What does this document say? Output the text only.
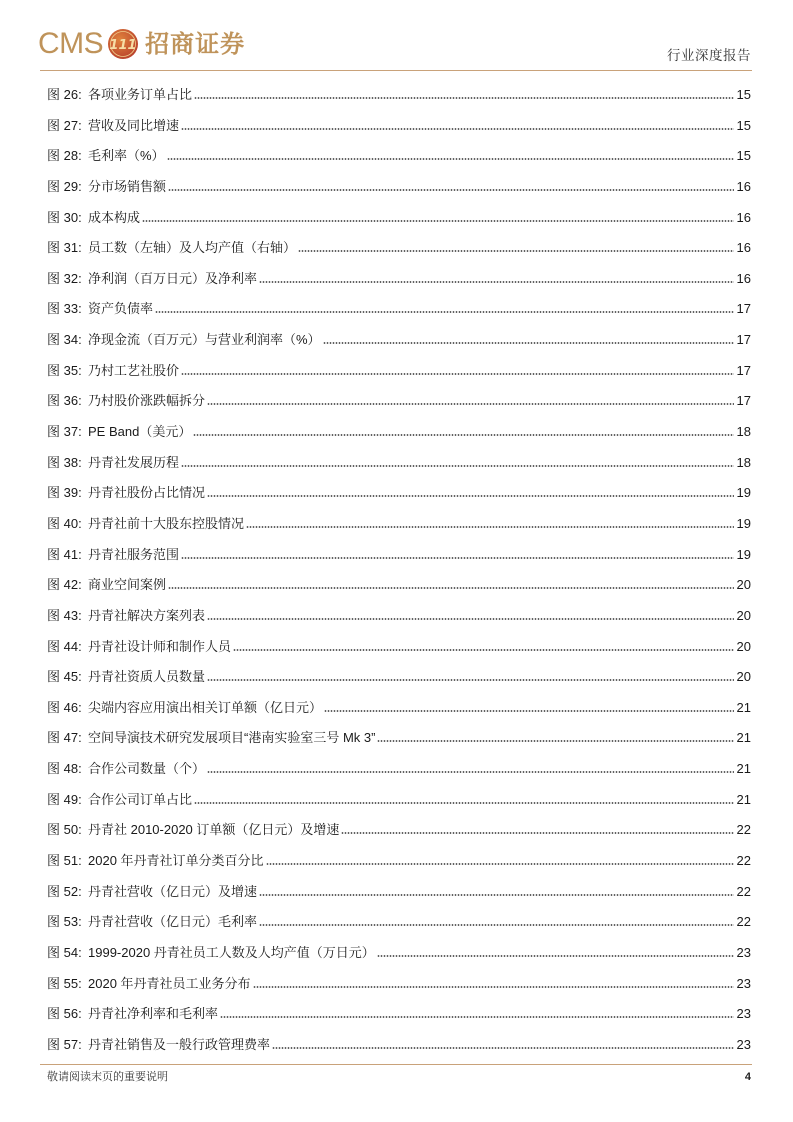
CMS 111 招商证券	行业深度报告
图 26: 各项业务订单占比	15
图 27: 营收及同比增速	15
图 28: 毛利率（%）	15
图 29: 分市场销售额	16
图 30: 成本构成	16
图 31: 员工数（左轴）及人均产值（右轴）	16
图 32: 净利润（百万日元）及净利率	16
图 33: 资产负债率	17
图 34: 净现金流（百万元）与营业利润率（%）	17
图 35: 乃村工艺社股价	17
图 36: 乃村股价涨跌幅拆分	17
图 37: PE Band（美元）	18
图 38: 丹青社发展历程	18
图 39: 丹青社股份占比情况	19
图 40: 丹青社前十大股东控股情况	19
图 41: 丹青社服务范围	19
图 42: 商业空间案例	20
图 43: 丹青社解决方案列表	20
图 44: 丹青社设计师和制作人员	20
图 45: 丹青社资质人员数量	20
图 46: 尖端内容应用演出相关订单额（亿日元）	21
图 47: 空间导演技术研究发展项目“港南实验室三号 Mk 3”	21
图 48: 合作公司数量（个）	21
图 49: 合作公司订单占比	21
图 50: 丹青社 2010-2020 订单额（亿日元）及增速	22
图 51: 2020 年丹青社订单分类百分比	22
图 52: 丹青社营收（亿日元）及增速	22
图 53: 丹青社营收（亿日元）毛利率	22
图 54: 1999-2020 丹青社员工人数及人均产值（万日元）	23
图 55: 2020 年丹青社员工业务分布	23
图 56: 丹青社净利率和毛利率	23
图 57: 丹青社销售及一般行政管理费率	23
敬请阅读末页的重要说明	4
